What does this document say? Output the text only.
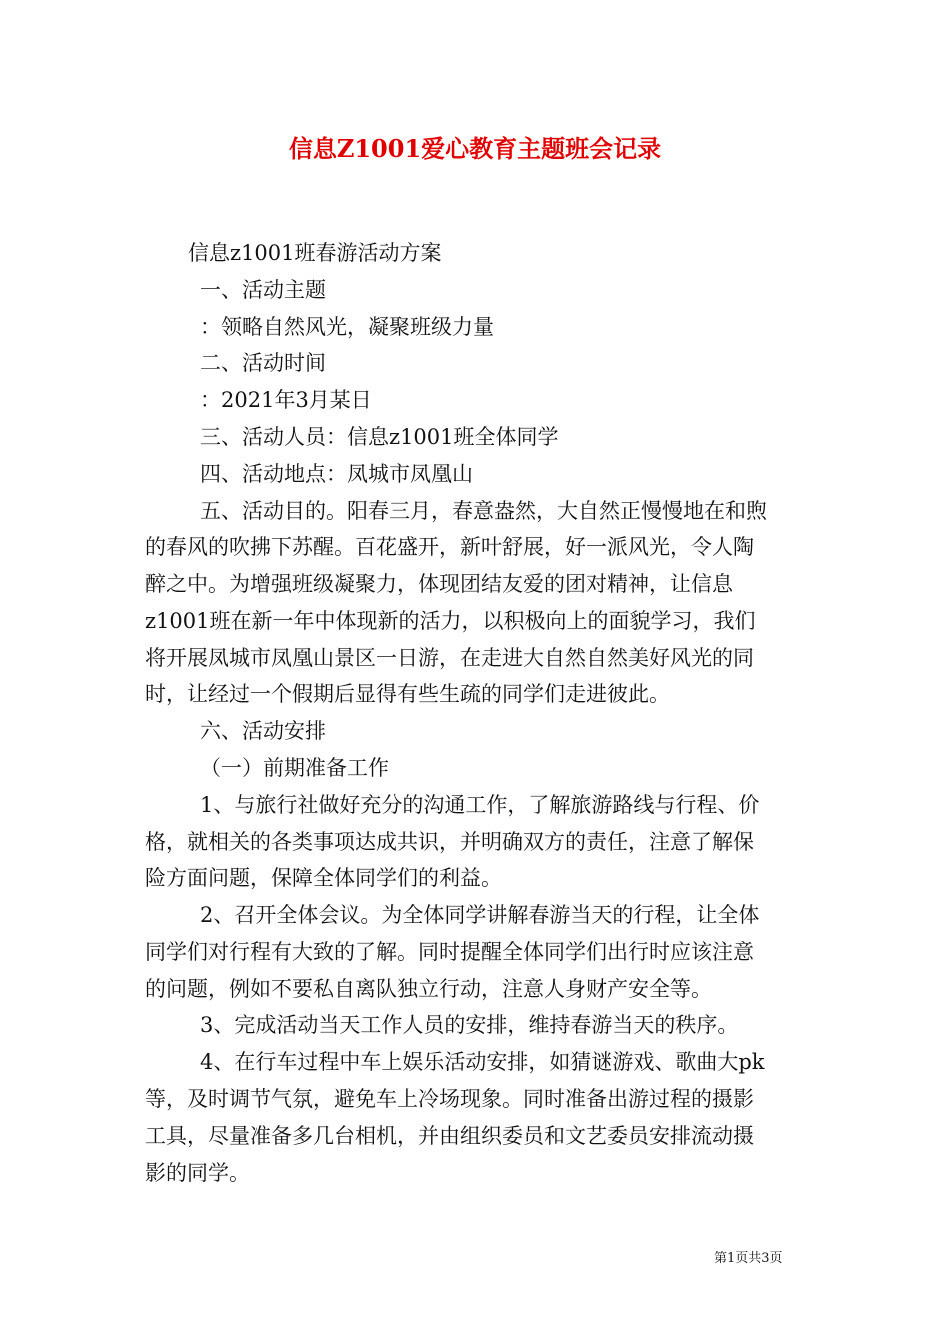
信息Z1001爱心教育主题班会记录

信息z1001班春游活动方案

一、活动主题

：领略自然风光，凝聚班级力量

二、活动时间

：2021年3月某日

三、活动人员：信息z1001班全体同学

四、活动地点：凤城市凤凰山

五、活动目的。阳春三月，春意盎然，大自然正慢慢地在和煦

的春风的吹拂下苏醒。百花盛开，新叶舒展，好一派风光，令人陶

醉之中。为增强班级凝聚力，体现团结友爱的团对精神，让信息

z1001班在新一年中体现新的活力，以积极向上的面貌学习，我们

将开展凤城市凤凰山景区一日游，在走进大自然自然美好风光的同

时，让经过一个假期后显得有些生疏的同学们走进彼此。

六、活动安排

（一）前期准备工作

1、与旅行社做好充分的沟通工作，了解旅游路线与行程、价

格，就相关的各类事项达成共识，并明确双方的责任，注意了解保

险方面问题，保障全体同学们的利益。

2、召开全体会议。为全体同学讲解春游当天的行程，让全体

同学们对行程有大致的了解。同时提醒全体同学们出行时应该注意

的问题，例如不要私自离队独立行动，注意人身财产安全等。

3、完成活动当天工作人员的安排，维持春游当天的秩序。

4、在行车过程中车上娱乐活动安排，如猜谜游戏、歌曲大pk

等，及时调节气氛，避免车上冷场现象。同时准备出游过程的摄影

工具，尽量准备多几台相机，并由组织委员和文艺委员安排流动摄

影的同学。

第1页共3页
